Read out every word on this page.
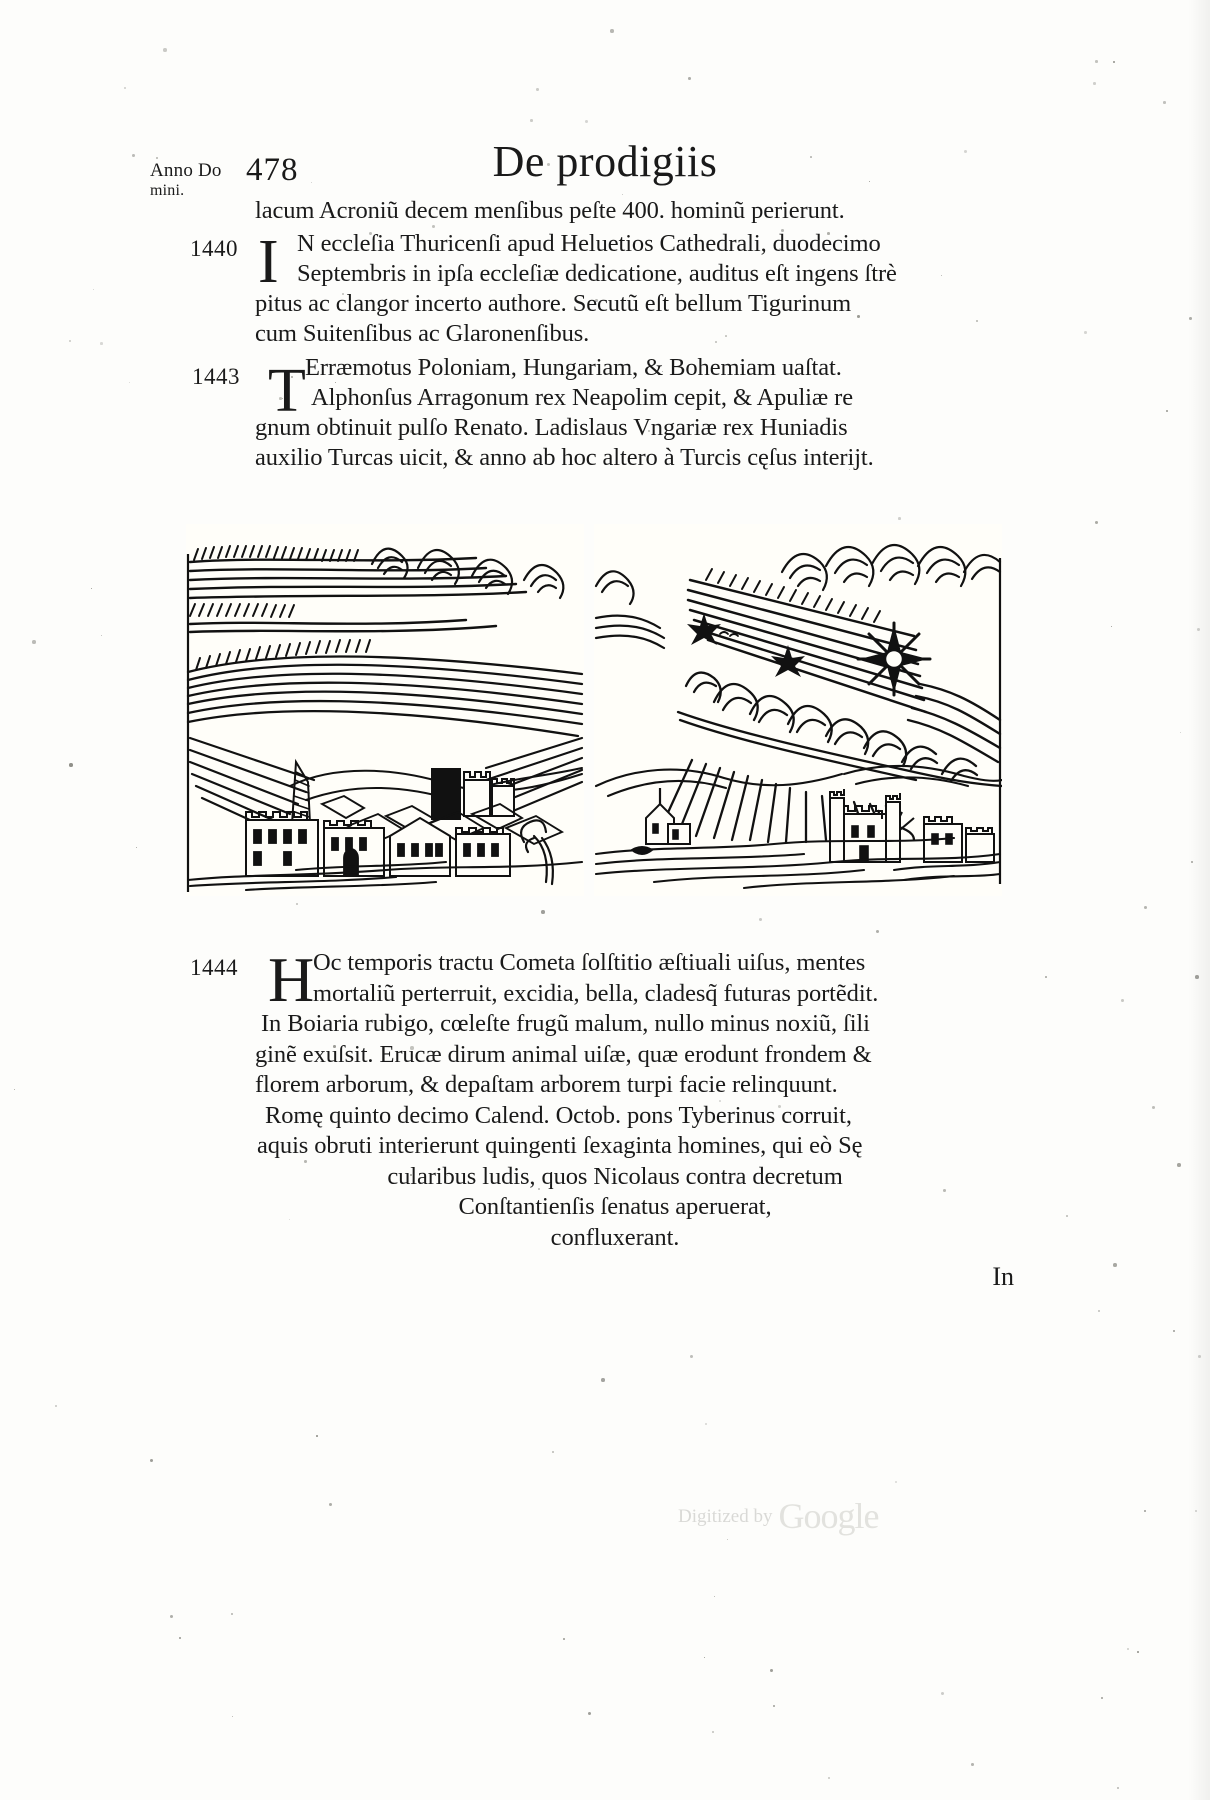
Anno Do
mini.
478	De prodigiis
lacum Acroniũ decem menſibus peſte 400. hominũ perierunt.
N eccleſia Thuricenſi apud Heluetios Cathedrali, duodecimo
Septembris in ipſa eccleſiæ dedicatione, auditus eſt ingens ſtrè
pitus ac clangor incerto authore. Secutũ eſt bellum Tigurinum
cum Suitenſibus ac Glaronenſibus.
Erræmotus Poloniam, Hungariam, & Bohemiam uaſtat.
Alphonſus Arragonum rex Neapolim cepit, & Apuliæ re
gnum obtinuit pulſo Renato. Ladislaus Vngariæ rex Huniadis
auxilio Turcas uicit, & anno ab hoc altero à Turcis cęſus interijt.
1440
1443
I
T
1444 H
Oc temporis tractu Cometa ſolſtitio æſtiuali uiſus, mentes
mortaliũ perterruit, excidia, bella, cladesq̃ futuras portẽdit.
In Boiaria rubigo, cœleſte frugũ malum, nullo minus noxiũ, ſili
ginẽ exuſsit. Erucæ dirum animal uiſæ, quæ erodunt frondem &
florem arborum, & depaſtam arborem turpi facie relinquunt.
Romę quinto decimo Calend. Octob. pons Tyberinus corruit,
aquis obruti interierunt quingenti ſexaginta homines, qui eò Sę
cularibus ludis, quos Nicolaus contra decretum
Conſtantienſis ſenatus aperuerat,
confluxerant.
In
Digitized by Google
